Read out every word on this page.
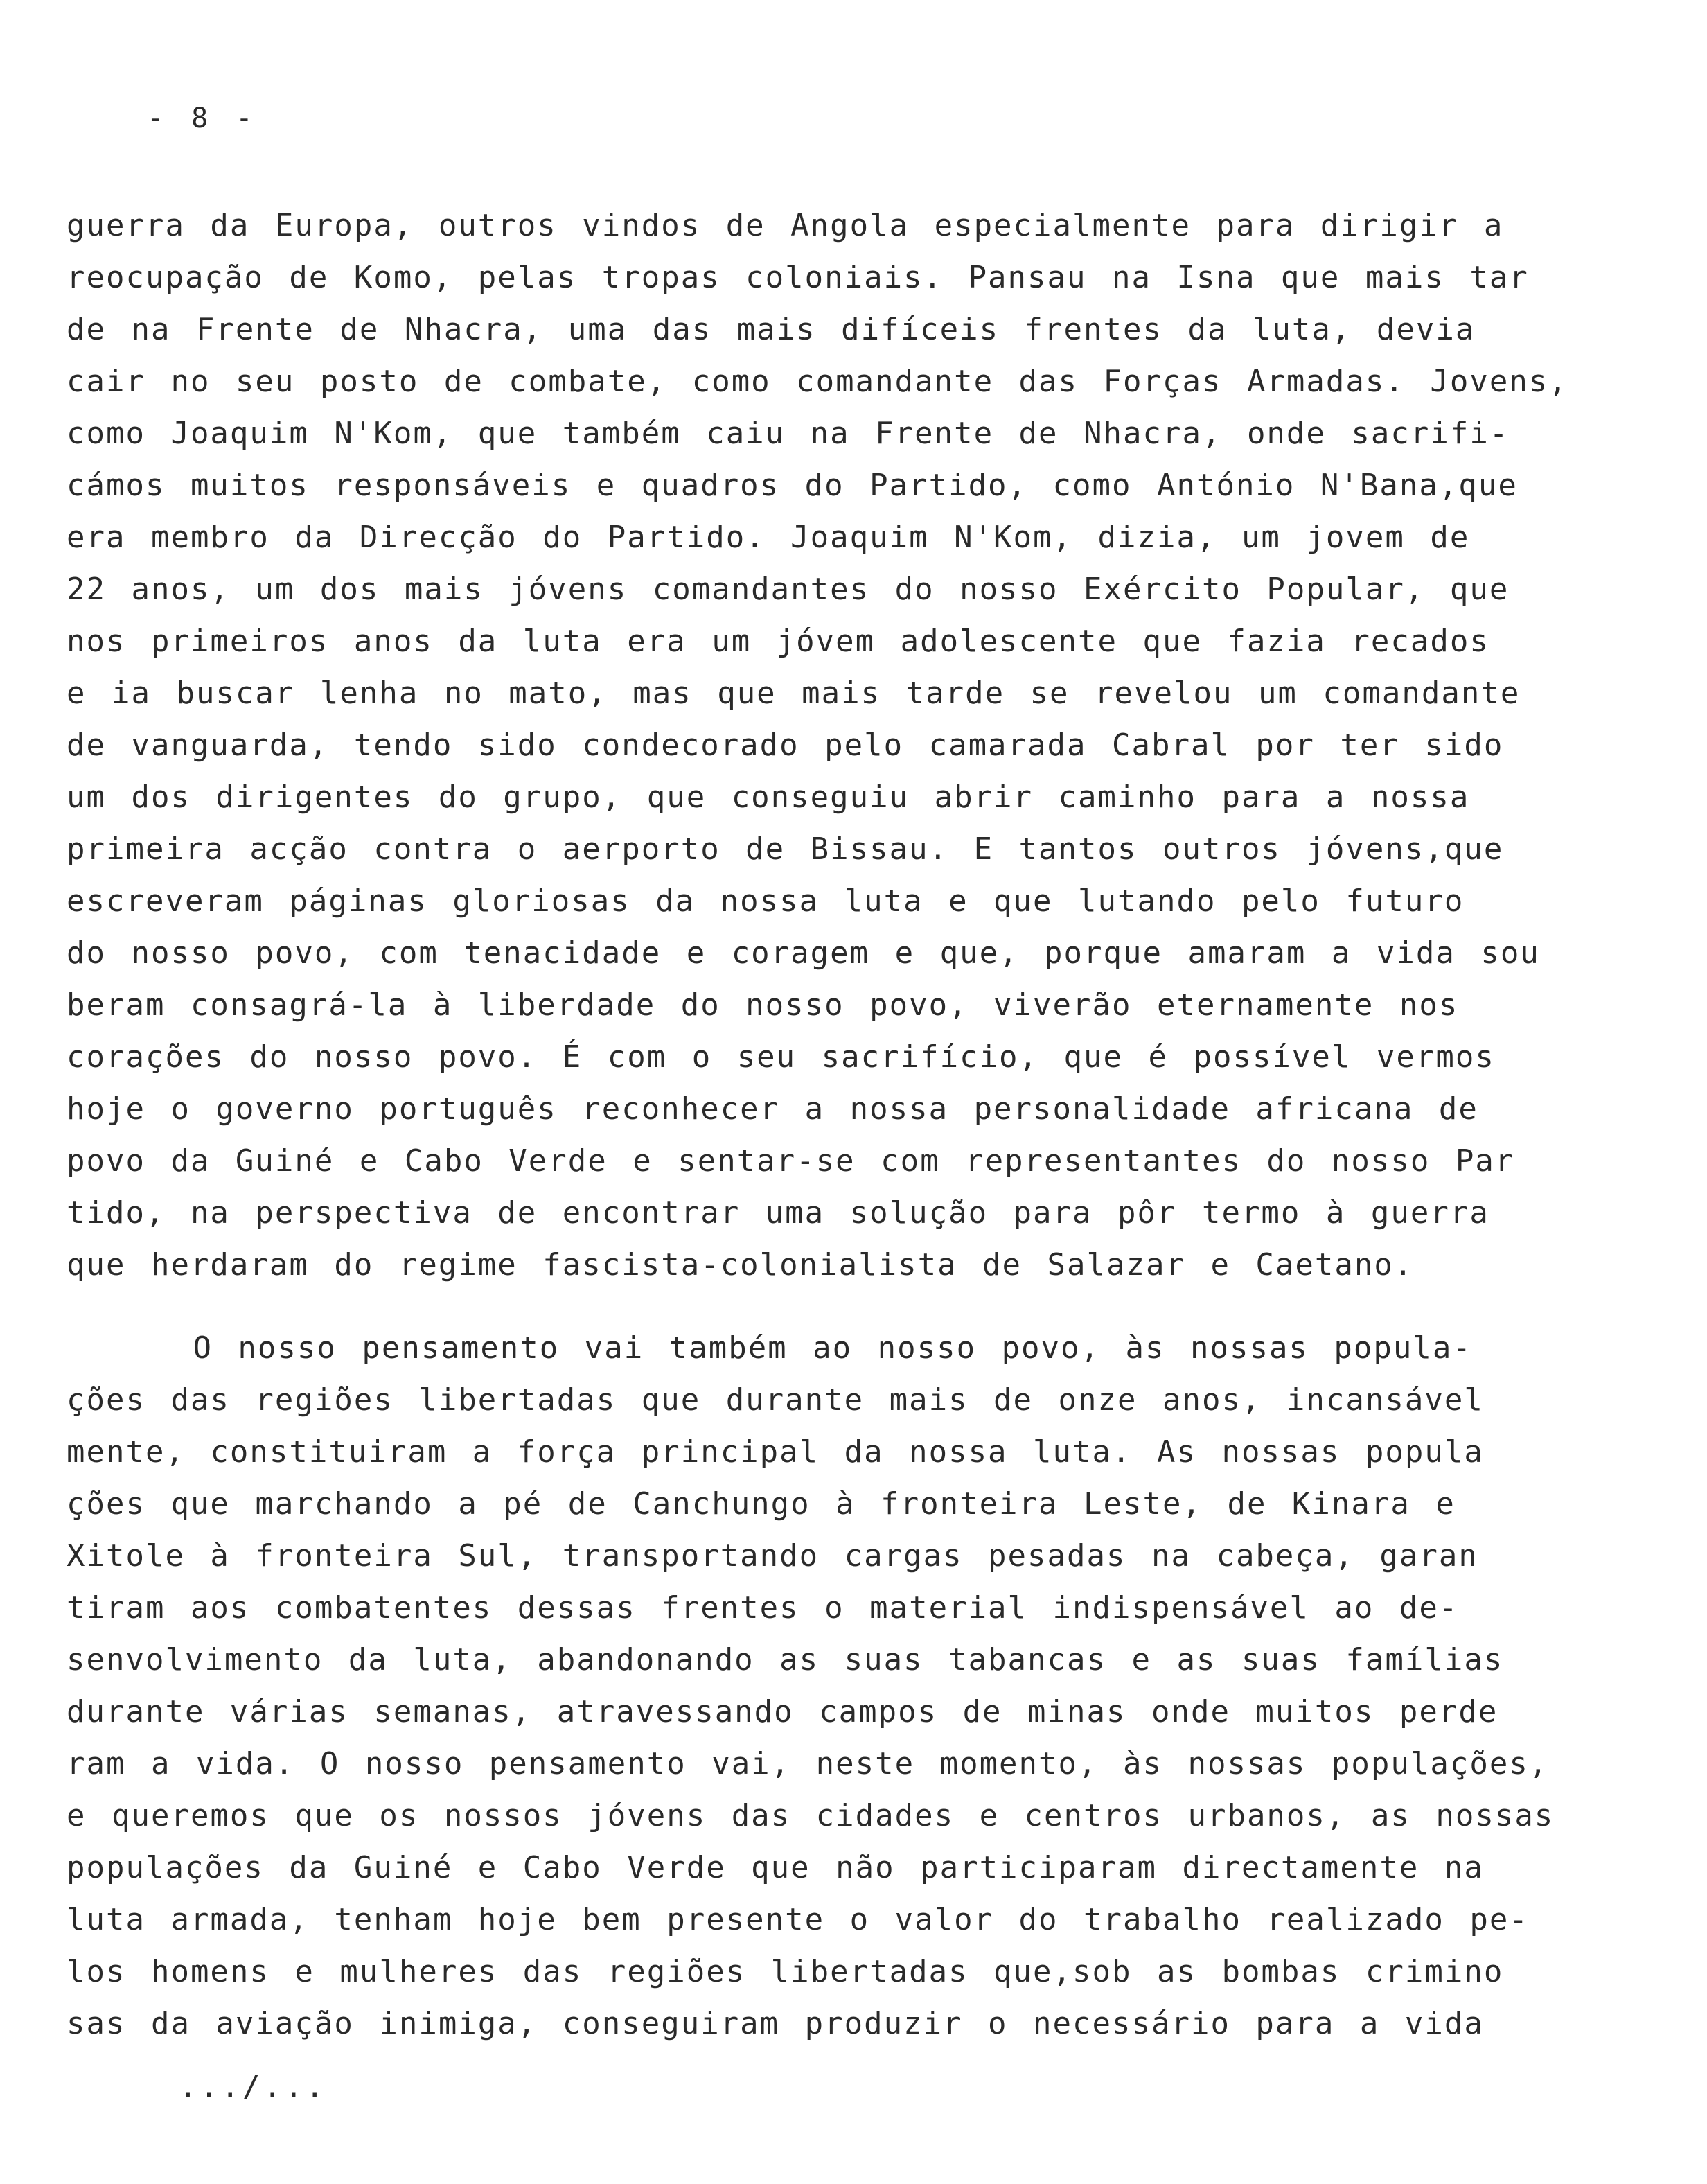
- 8 -

guerra da Europa, outros vindos de Angola especialmente para dirigir a
reocupação de Komo, pelas tropas coloniais. Pansau na Isna que mais tar
de na Frente de Nhacra, uma das mais difíceis frentes da luta, devia
cair no seu posto de combate, como comandante das Forças Armadas. Jovens,
como Joaquim N'Kom, que também caiu na Frente de Nhacra, onde sacrifi-
cámos muitos responsáveis e quadros do Partido, como António N'Bana,que
era membro da Direcção do Partido. Joaquim N'Kom, dizia, um jovem de
22 anos, um dos mais jóvens comandantes do nosso Exército Popular, que
nos primeiros anos da luta era um jóvem adolescente que fazia recados
e ia buscar lenha no mato, mas que mais tarde se revelou um comandante
de vanguarda, tendo sido condecorado pelo camarada Cabral por ter sido
um dos dirigentes do grupo, que conseguiu abrir caminho para a nossa
primeira acção contra o aerporto de Bissau. E tantos outros jóvens,que
escreveram páginas gloriosas da nossa luta e que lutando pelo futuro
do nosso povo, com tenacidade e coragem e que, porque amaram a vida sou
beram consagrá-la à liberdade do nosso povo, viverão eternamente nos
corações do nosso povo. É com o seu sacrifício, que é possível vermos
hoje o governo português reconhecer a nossa personalidade africana de
povo da Guiné e Cabo Verde e sentar-se com representantes do nosso Par
tido, na perspectiva de encontrar uma solução para pôr termo à guerra
que herdaram do regime fascista-colonialista de Salazar e Caetano.

O nosso pensamento vai também ao nosso povo, às nossas popula-
ções das regiões libertadas que durante mais de onze anos, incansável
mente, constituiram a força principal da nossa luta. As nossas popula
ções que marchando a pé de Canchungo à fronteira Leste, de Kinara e
Xitole à fronteira Sul, transportando cargas pesadas na cabeça, garan
tiram aos combatentes dessas frentes o material indispensável ao de-
senvolvimento da luta, abandonando as suas tabancas e as suas famílias
durante várias semanas, atravessando campos de minas onde muitos perde
ram a vida. O nosso pensamento vai, neste momento, às nossas populações,
e queremos que os nossos jóvens das cidades e centros urbanos, as nossas
populações da Guiné e Cabo Verde que não participaram directamente na
luta armada, tenham hoje bem presente o valor do trabalho realizado pe-
los homens e mulheres das regiões libertadas que,sob as bombas crimino
sas da aviação inimiga, conseguiram produzir o necessário para a vida

.../...
